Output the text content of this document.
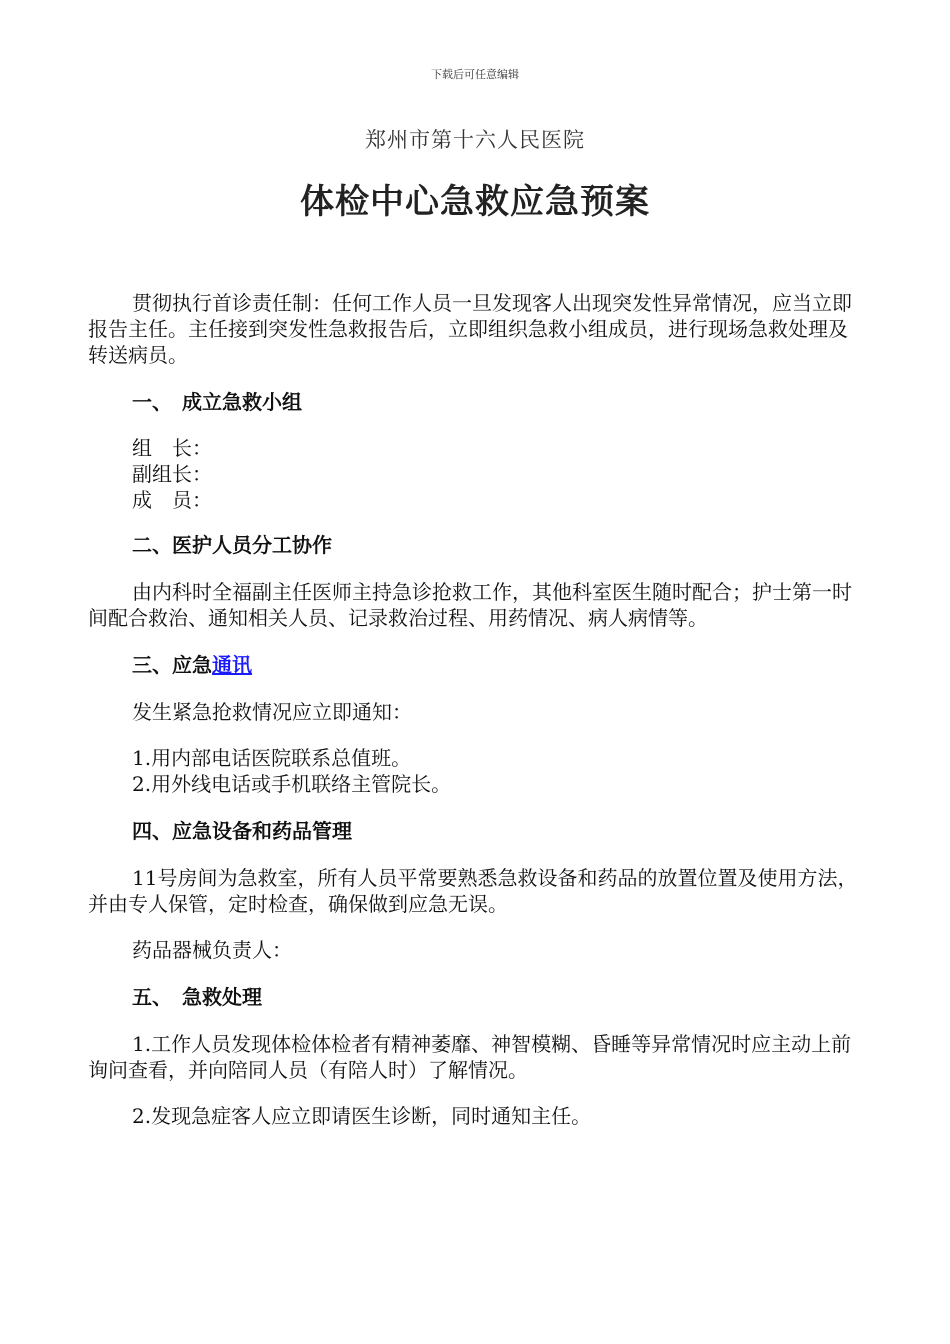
下载后可任意编辑
郑州市第十六人民医院
体检中心急救应急预案
贯彻执行首诊责任制：任何工作人员一旦发现客人出现突发性异常情况，应当立即报告主任。主任接到突发性急救报告后，立即组织急救小组成员，进行现场急救处理及转送病员。
一、　成立急救小组
组　长：
副组长：
成　员：
二、医护人员分工协作
由内科时全福副主任医师主持急诊抢救工作，其他科室医生随时配合；护士第一时间配合救治、通知相关人员、记录救治过程、用药情况、病人病情等。
三、应急通讯
发生紧急抢救情况应立即通知：
1.用内部电话医院联系总值班。
2.用外线电话或手机联络主管院长。
四、应急设备和药品管理
11号房间为急救室，所有人员平常要熟悉急救设备和药品的放置位置及使用方法，并由专人保管，定时检查，确保做到应急无误。
药品器械负责人：
五、　急救处理
1.工作人员发现体检体检者有精神萎靡、神智模糊、昏睡等异常情况时应主动上前询问查看，并向陪同人员（有陪人时）了解情况。
2.发现急症客人应立即请医生诊断，同时通知主任。
